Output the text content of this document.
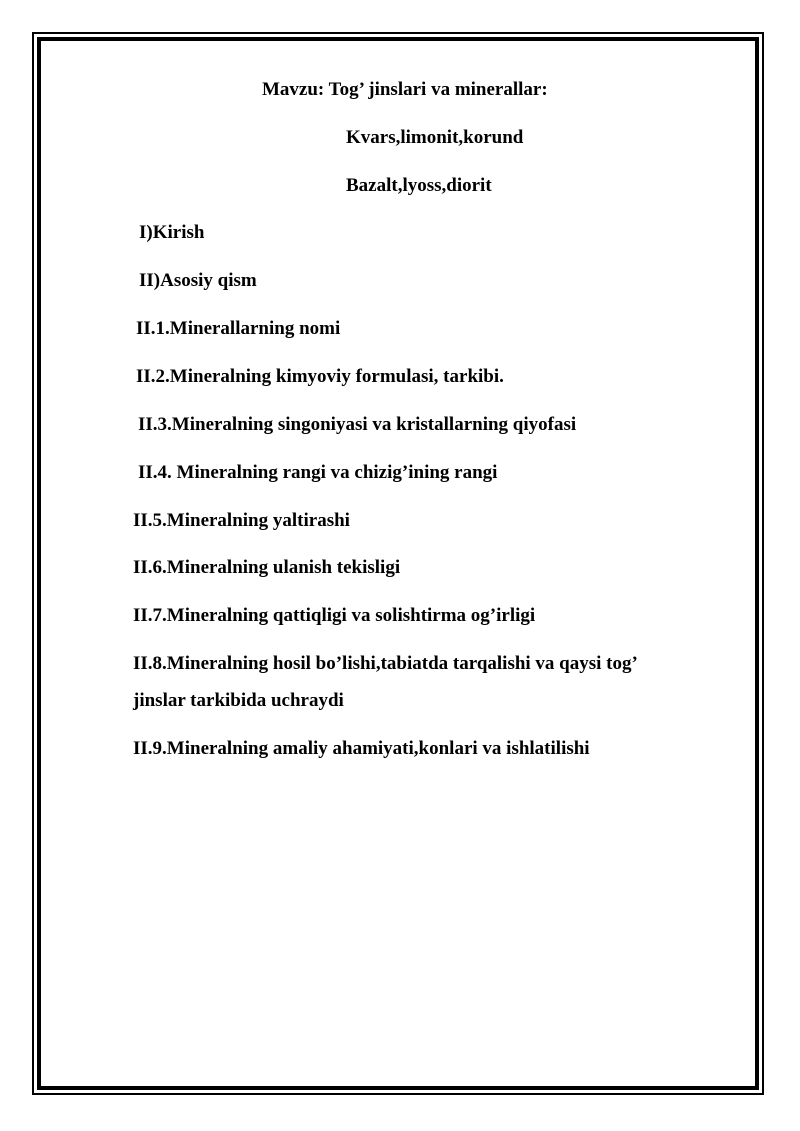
Mavzu: Tog’ jinslari va minerallar:

Kvars,limonit,korund

Bazalt,lyoss,diorit

I)Kirish

II)Asosiy qism

II.1.Minerallarning nomi

II.2.Mineralning kimyoviy formulasi, tarkibi.

II.3.Mineralning singoniyasi va kristallarning qiyofasi

II.4. Mineralning rangi va chizig’ining rangi

II.5.Mineralning yaltirashi

II.6.Mineralning ulanish tekisligi

II.7.Mineralning qattiqligi va solishtirma og’irligi

II.8.Mineralning hosil bo’lishi,tabiatda tarqalishi va qaysi tog’

jinslar tarkibida uchraydi

II.9.Mineralning amaliy ahamiyati,konlari va ishlatilishi
